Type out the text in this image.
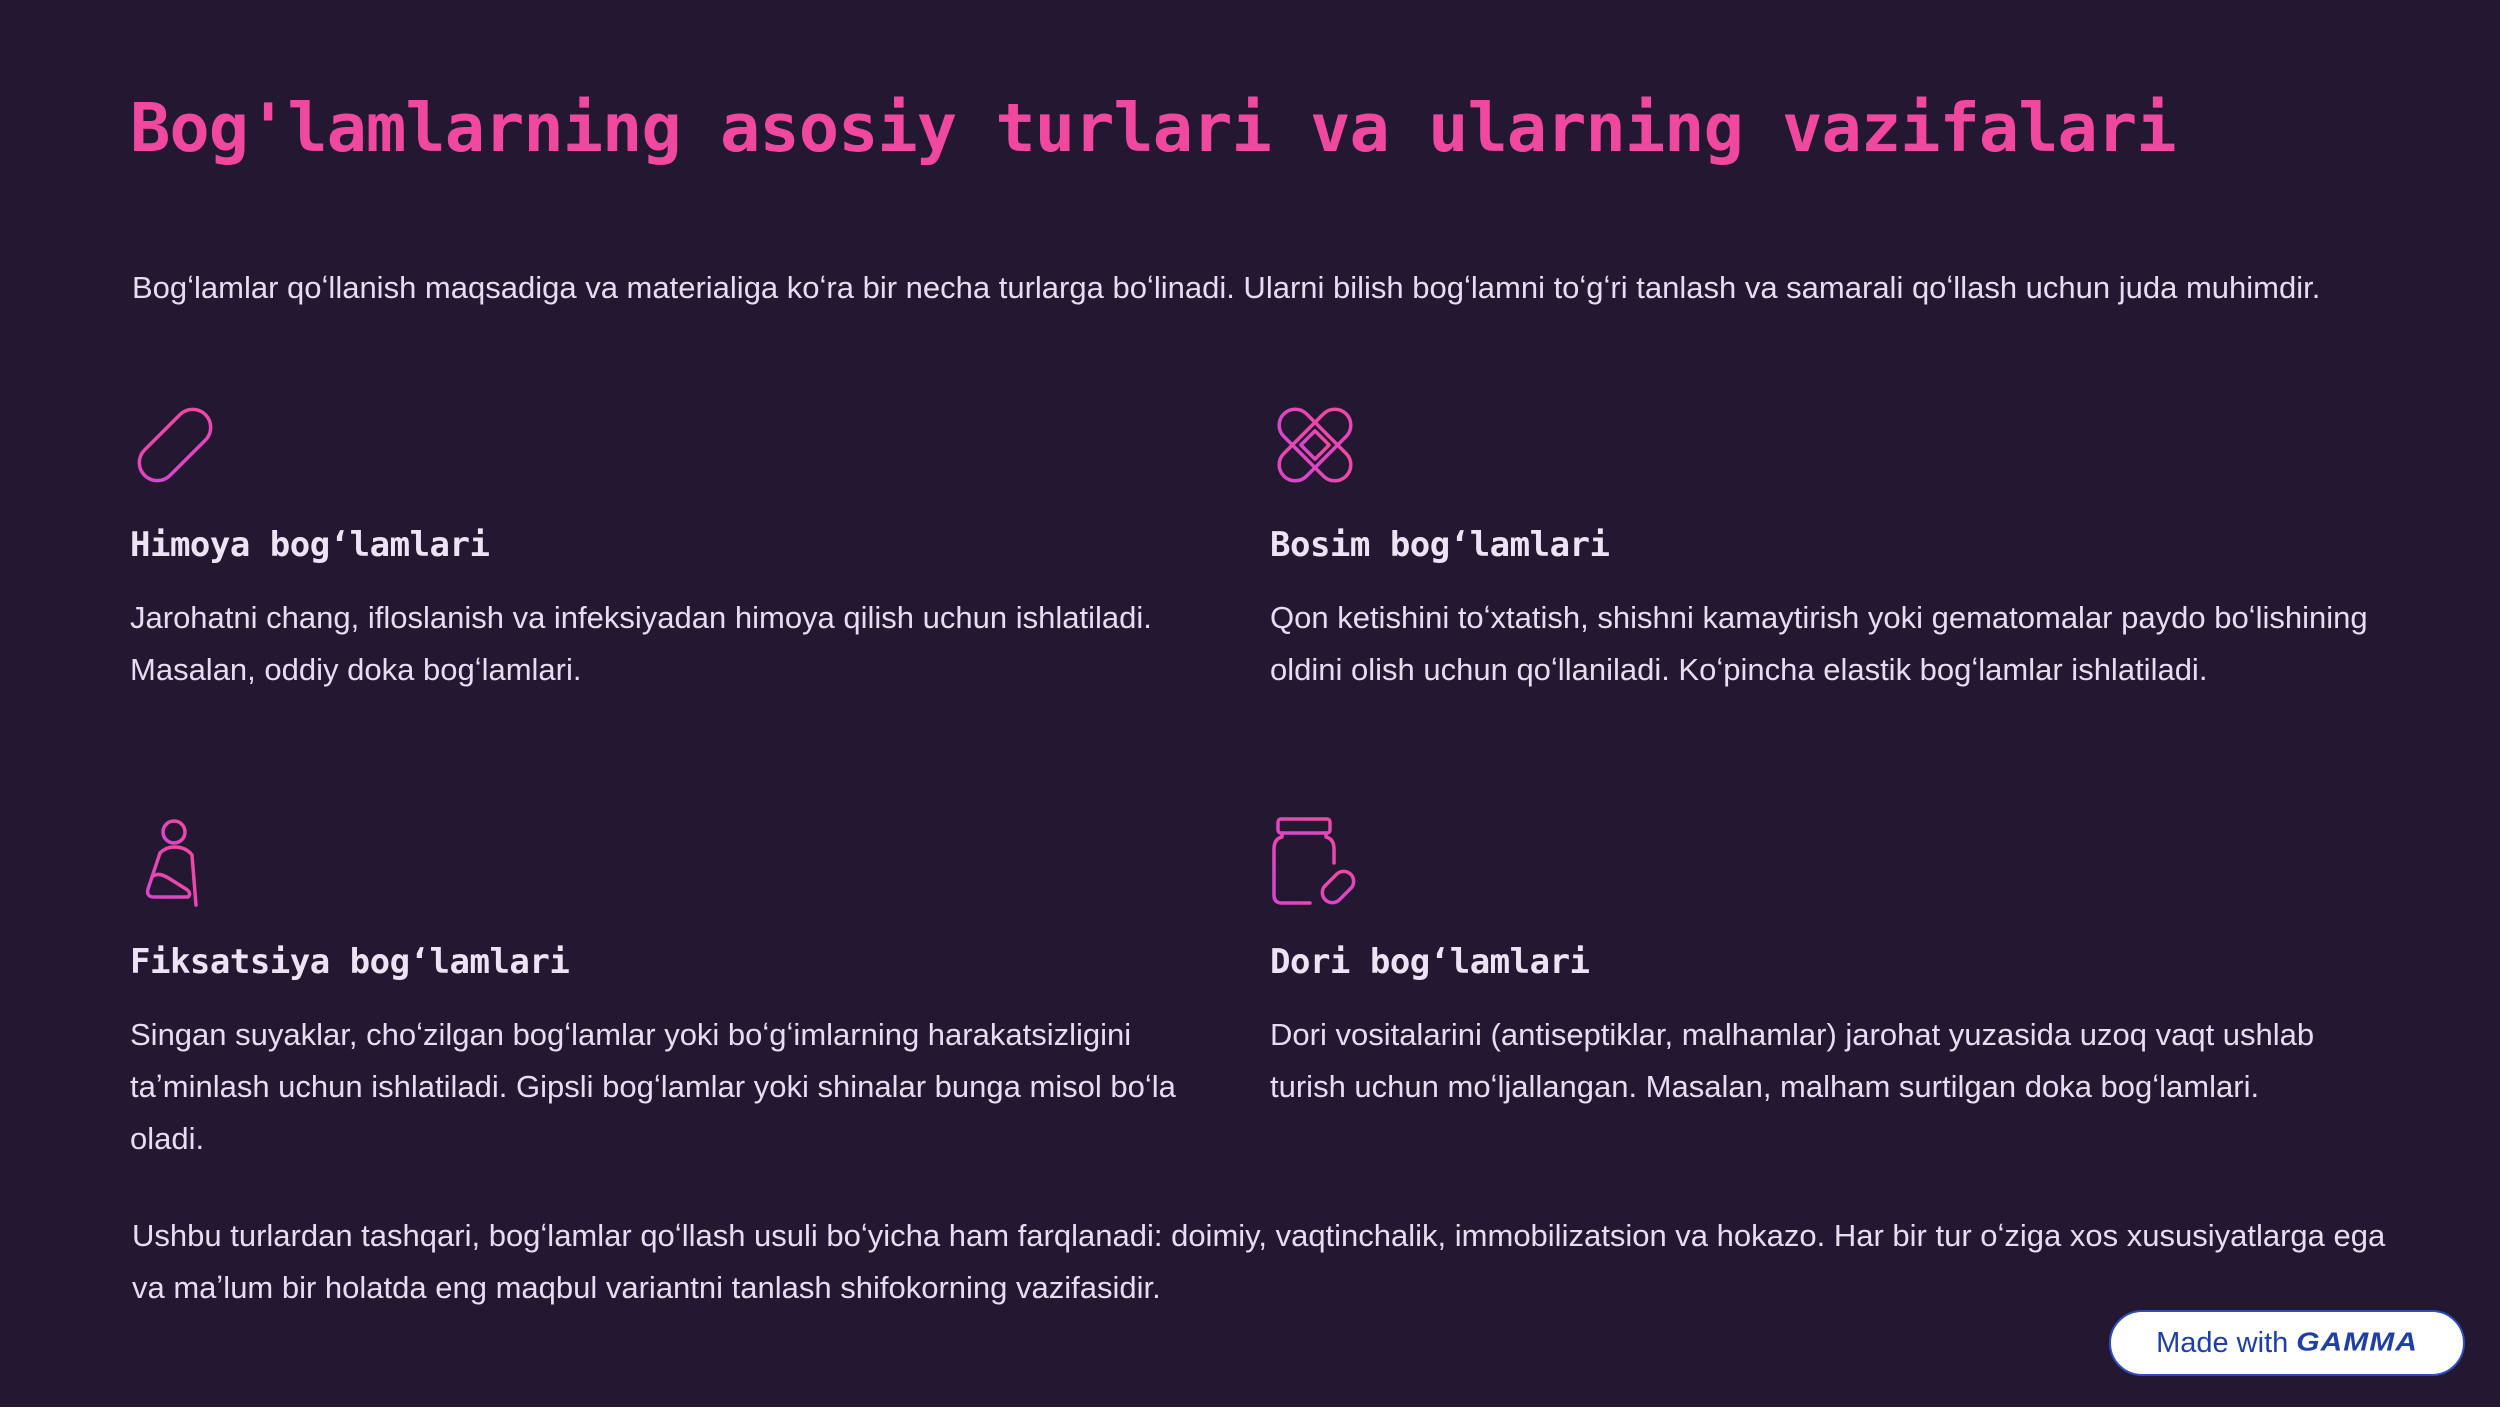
Bog'lamlarning asosiy turlari va ularning vazifalari

Bogʻlamlar qoʻllanish maqsadiga va materialiga koʻra bir necha turlarga boʻlinadi. Ularni bilish bogʻlamni toʻgʻri tanlash va samarali qoʻllash uchun juda muhimdir.

Himoya bogʻlamlari

Jarohatni chang, ifloslanish va infeksiyadan himoya qilish uchun ishlatiladi. Masalan, oddiy doka bogʻlamlari.

Bosim bogʻlamlari

Qon ketishini toʻxtatish, shishni kamaytirish yoki gematomalar paydo boʻlishining oldini olish uchun qoʻllaniladi. Koʻpincha elastik bogʻlamlar ishlatiladi.

Fiksatsiya bogʻlamlari

Singan suyaklar, choʻzilgan bogʻlamlar yoki boʻgʻimlarning harakatsizligini taʼminlash uchun ishlatiladi. Gipsli bogʻlamlar yoki shinalar bunga misol boʻla oladi.

Dori bogʻlamlari

Dori vositalarini (antiseptiklar, malhamlar) jarohat yuzasida uzoq vaqt ushlab turish uchun moʻljallangan. Masalan, malham surtilgan doka bogʻlamlari.

Ushbu turlardan tashqari, bogʻlamlar qoʻllash usuli boʻyicha ham farqlanadi: doimiy, vaqtinchalik, immobilizatsion va hokazo. Har bir tur oʻziga xos xususiyatlarga ega va maʼlum bir holatda eng maqbul variantni tanlash shifokorning vazifasidir.

Made with GAMMA
